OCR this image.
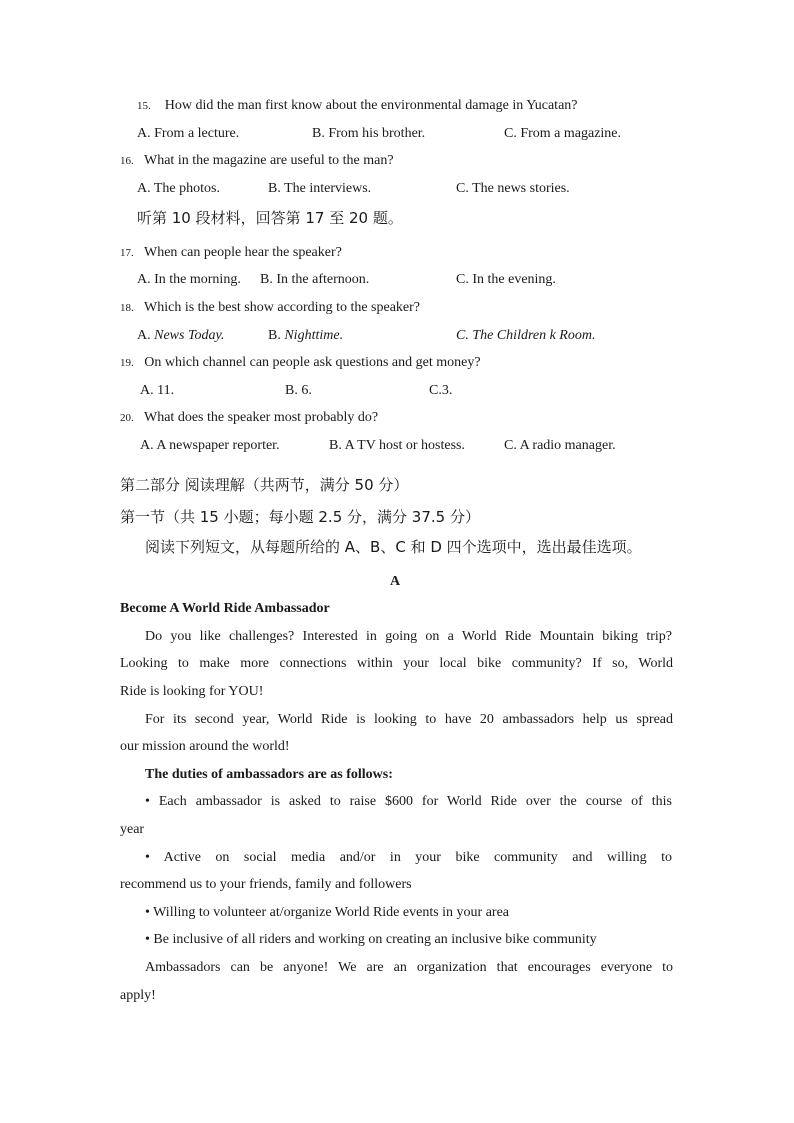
15. How did the man first know about the environmental damage in Yucatan?
A. From a lecture.	B. From his brother.	C. From a magazine.
16. What in the magazine are useful to the man?
A. The photos.	B. The interviews.	C. The news stories.
听第 10 段材料，回答第 17 至 20 题。
17. When can people hear the speaker?
A. In the morning. B. In the afternoon.	C. In the evening.
18. Which is the best show according to the speaker?
A. News Today.	B. Nighttime.	C. The Children k Room.
19. On which channel can people ask questions and get money?
A. 11.	B. 6.	C.3.
20. What does the speaker most probably do?
A. A newspaper reporter.	B. A TV host or hostess.	C. A radio manager.
第二部分 阅读理解（共两节，满分 50 分）
第一节（共 15 小题；每小题 2.5 分，满分 37.5 分）
阅读下列短文，从每题所给的 A、B、C 和 D 四个选项中，选出最佳选项。
A
Become A World Ride Ambassador
Do you like challenges? Interested in going on a World Ride Mountain biking trip?
Looking to make more connections within your local bike community? If so, World
Ride is looking for YOU!
For its second year, World Ride is looking to have 20 ambassadors help us spread
our mission around the world!
The duties of ambassadors are as follows:
• Each ambassador is asked to raise $600 for World Ride over the course of this
year
• Active on social media and/or in your bike community and willing to
recommend us to your friends, family and followers
• Willing to volunteer at/organize World Ride events in your area
• Be inclusive of all riders and working on creating an inclusive bike community
Ambassadors can be anyone! We are an organization that encourages everyone to
apply!
